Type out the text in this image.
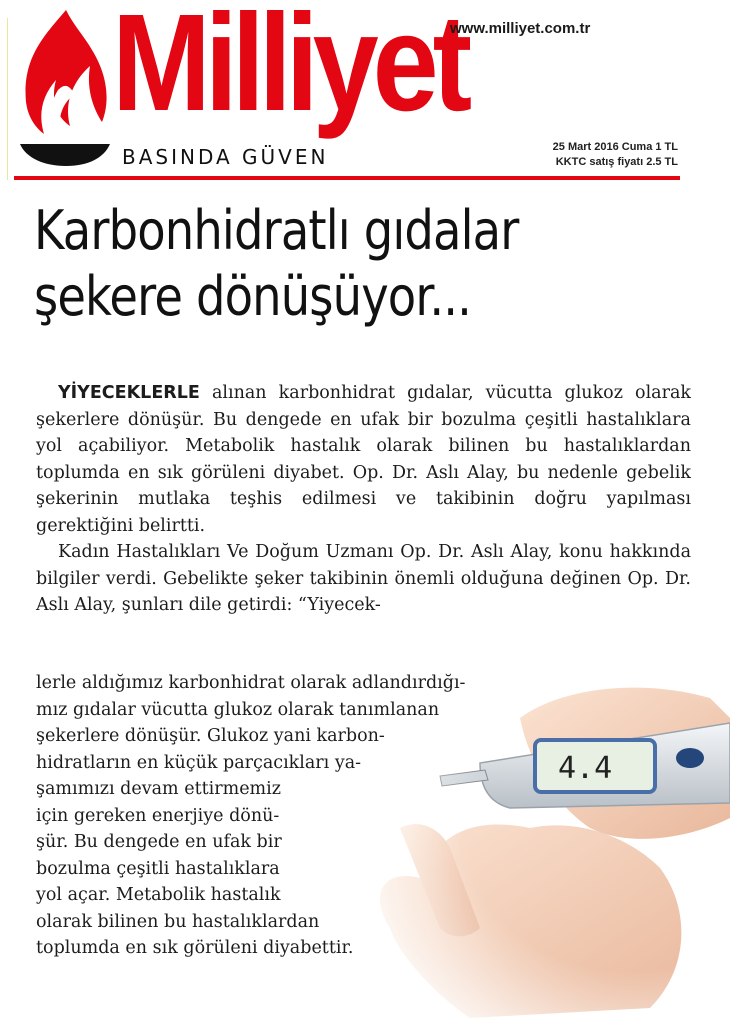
Milliyet
www.milliyet.com.tr
BASINDA GÜVEN	25 Mart 2016 Cuma 1 TL
KKTC satış fiyatı 2.5 TL
Karbonhidratlı gıdalar
şekere dönüşüyor...

YİYECEKLERLE alınan karbonhidrat gıdalar, vücutta glukoz olarak şekerlere dönüşür. Bu dengede en ufak bir bozulma çeşitli hastalıklara yol açabiliyor. Metabolik hastalık olarak bilinen bu hastalıklardan toplumda en sık görüleni diyabet. Op. Dr. Aslı Alay, bu nedenle gebelik şekerinin mutlaka teşhis edilmesi ve takibinin doğru yapılması gerektiğini belirtti.

Kadın Hastalıkları Ve Doğum Uzmanı Op. Dr. Aslı Alay, konu hakkında bilgiler verdi. Gebelikte şeker takibinin önemli olduğuna değinen Op. Dr. Aslı Alay, şunları dile getirdi: “Yiyecek-

lerle aldığımız karbonhidrat olarak adlandırdığı-
mız gıdalar vücutta glukoz olarak tanımlanan
şekerlere dönüşür. Glukoz yani karbon-
hidratların en küçük parçacıkları ya-
şamımızı devam ettirmemiz
için gereken enerjiye dönü-
şür. Bu dengede en ufak bir
bozulma çeşitli hastalıklara
yol açar. Metabolik hastalık
olarak bilinen bu hastalıklardan
toplumda en sık görüleni diyabettir.
